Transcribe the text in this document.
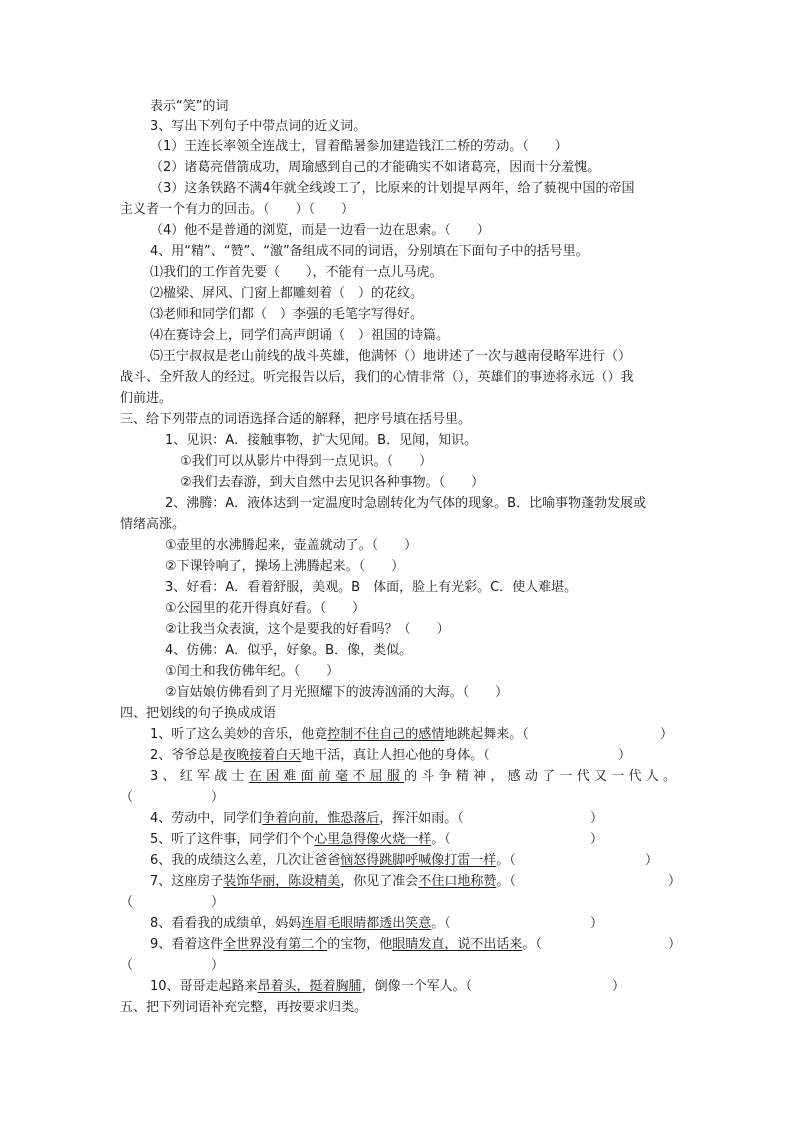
表示“笑”的词
3、写出下列句子中带点词的近义词。
（1）王连长率领全连战士，冒着酷暑参加建造钱江二桥的劳动。（　　）
（2）诸葛亮借箭成功，周瑜感到自己的才能确实不如诸葛亮，因而十分羞愧。
（3）这条铁路不满4年就全线竣工了，比原来的计划提早两年，给了藐视中国的帝国
主义者一个有力的回击。（　　）（　　）
（4）他不是普通的浏览，而是一边看一边在思索。（　　）
4、用“精”、“赞”、“激”备组成不同的词语，分别填在下面句子中的括号里。
⑴我们的工作首先要（　　），不能有一点儿马虎。
⑵楹梁、屏风、门窗上都雕刻着（　）的花纹。
⑶老师和同学们都（　）李强的毛笔字写得好。
⑷在赛诗会上，同学们高声朗诵（　）祖国的诗篇。
⑸王宁叔叔是老山前线的战斗英雄，他满怀（）地讲述了一次与越南侵略军进行（）
战斗、全歼敌人的经过。听完报告以后，我们的心情非常（），英雄们的事迹将永远（）我
们前进。
三、给下列带点的词语选择合适的解释，把序号填在括号里。
1、见识：A．接触事物，扩大见闻。B．见闻，知识。
①我们可以从影片中得到一点见识。（　　）
②我们去春游，到大自然中去见识各种事物。（　　）
2、沸腾：A．液体达到一定温度时急剧转化为气体的现象。B．比喻事物蓬勃发展或
情绪高涨。
①壶里的水沸腾起来，壶盖就动了。（　　）
②下课铃响了，操场上沸腾起来。（　　）
3、好看：A．看着舒服，美观。B　体面，脸上有光彩。C．使人难堪。
①公园里的花开得真好看。（　　）
②让我当众表演，这个是要我的好看吗？（　　）
4、仿佛：A．似乎，好象。B．像，类似。
①闰土和我仿佛年纪。（　　）
②盲姑娘仿佛看到了月光照耀下的波涛汹涌的大海。（　　）
四、把划线的句子换成成语
1、听了这么美妙的音乐，他竟控制不住自己的感情地跳起舞来。（	）
2、爷爷总是夜晚接着白天地干活，真让人担心他的身体。（	）
3、红军战士在困难面前毫不屈服的斗争精神，感动了一代又一代人。
（　　　　　　）
4、劳动中，同学们争着向前，惟恐落后，挥汗如雨。（	）
5、听了这件事，同学们个个心里急得像火烧一样。（	）
6、我的成绩这么差，几次让爸爸恼怒得跳脚呼喊像打雷一样。（	）
7、这座房子装饰华丽，陈设精美，你见了准会不住口地称赞。（	）
（　　　　　　）
8、看看我的成绩单，妈妈连眉毛眼睛都透出笑意。（	）
9、看着这件全世界没有第二个的宝物，他眼睛发直，说不出话来。（	）
（　　　　　　）
10、哥哥走起路来昂着头，挺着胸脯，倒像一个军人。（	）
五、把下列词语补充完整，再按要求归类。
